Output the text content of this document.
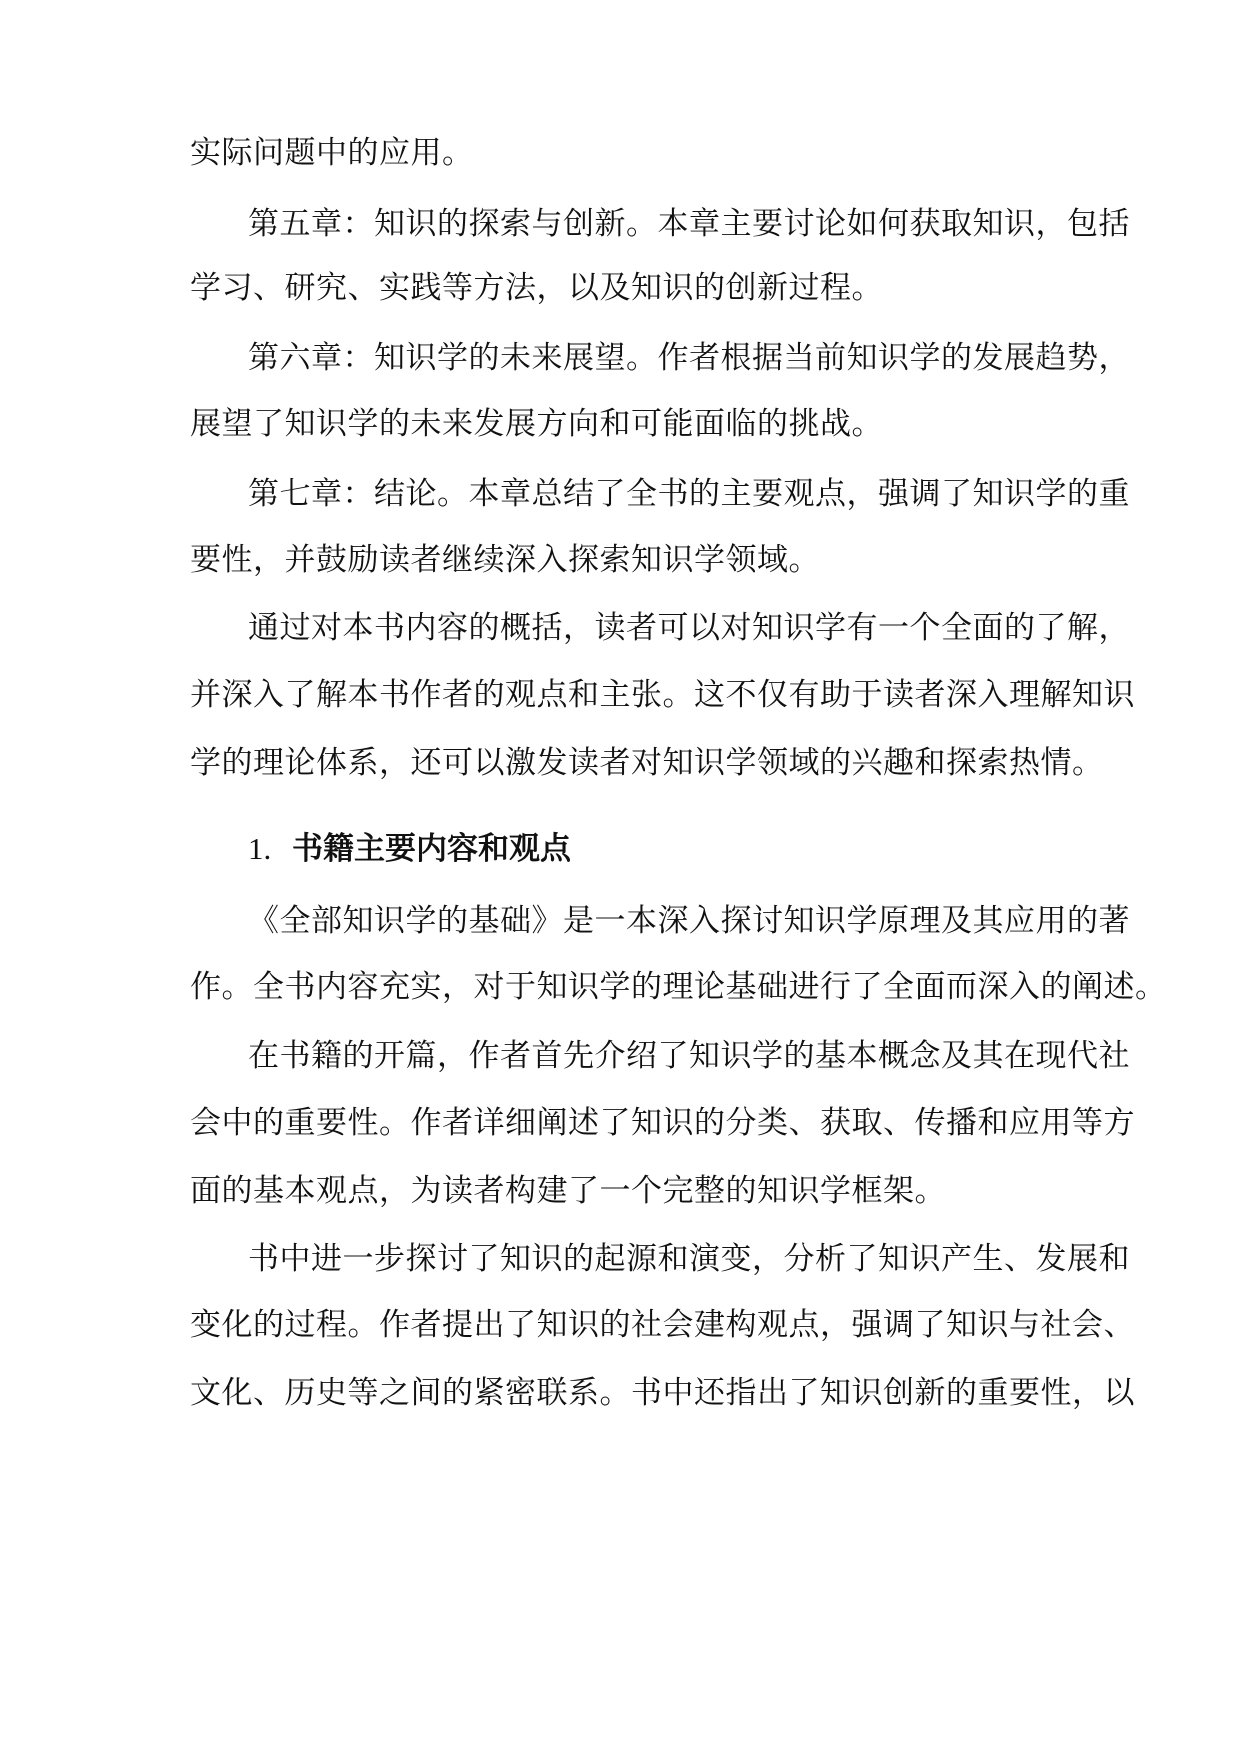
实际问题中的应用。
第五章：知识的探索与创新。本章主要讨论如何获取知识，包括
学习、研究、实践等方法，以及知识的创新过程。
第六章：知识学的未来展望。作者根据当前知识学的发展趋势，
展望了知识学的未来发展方向和可能面临的挑战。
第七章：结论。本章总结了全书的主要观点，强调了知识学的重
要性，并鼓励读者继续深入探索知识学领域。
通过对本书内容的概括，读者可以对知识学有一个全面的了解，
并深入了解本书作者的观点和主张。这不仅有助于读者深入理解知识
学的理论体系，还可以激发读者对知识学领域的兴趣和探索热情。
1. 书籍主要内容和观点
《全部知识学的基础》是一本深入探讨知识学原理及其应用的著
作。全书内容充实，对于知识学的理论基础进行了全面而深入的阐述。
在书籍的开篇，作者首先介绍了知识学的基本概念及其在现代社
会中的重要性。作者详细阐述了知识的分类、获取、传播和应用等方
面的基本观点，为读者构建了一个完整的知识学框架。
书中进一步探讨了知识的起源和演变，分析了知识产生、发展和
变化的过程。作者提出了知识的社会建构观点，强调了知识与社会、
文化、历史等之间的紧密联系。书中还指出了知识创新的重要性，以
